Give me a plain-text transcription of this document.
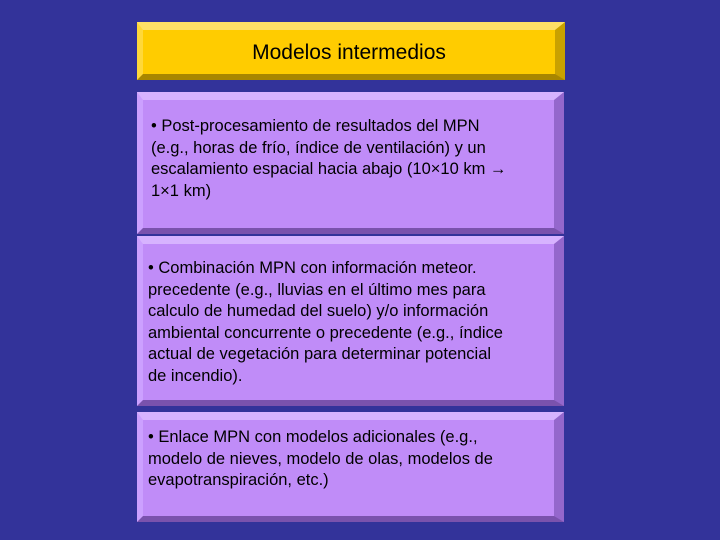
Modelos intermedios
• Post-procesamiento de resultados del MPN
(e.g., horas de frío, índice de ventilación) y un
escalamiento espacial hacia abajo (10×10 km →
1×1 km)
• Combinación MPN con información meteor.
precedente (e.g., lluvias en el último mes para
calculo de humedad del suelo) y/o información
ambiental concurrente o precedente (e.g., índice
actual de vegetación para determinar potencial
de incendio).
• Enlace MPN con modelos adicionales (e.g.,
modelo de nieves, modelo de olas, modelos de
evapotranspiración, etc.)
